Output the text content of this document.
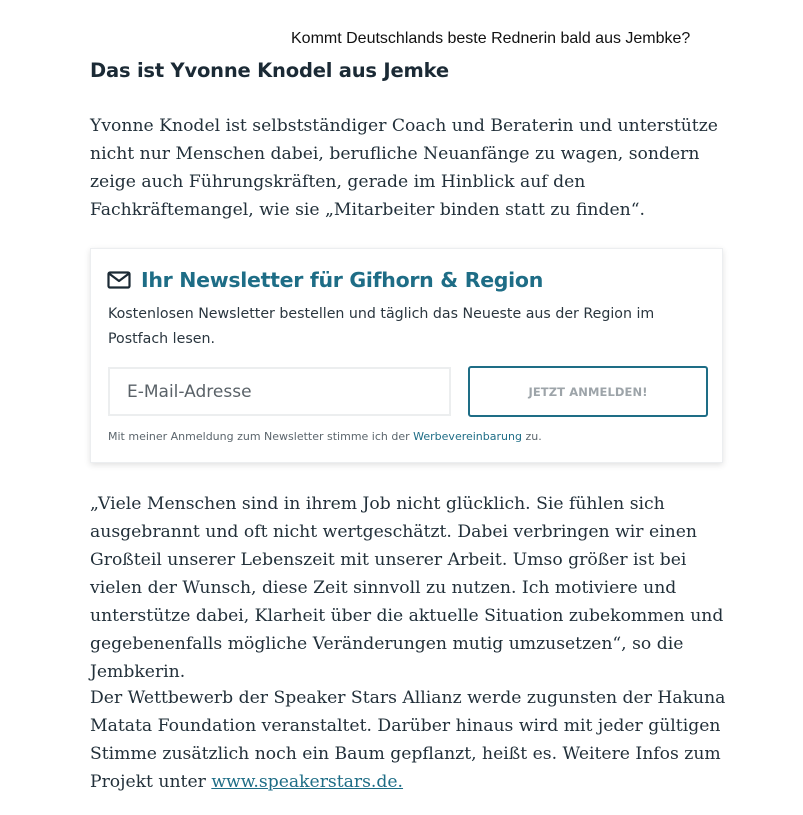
Kommt Deutschlands beste Rednerin bald aus Jembke?
Das ist Yvonne Knodel aus Jemke

Yvonne Knodel ist selbstständiger Coach und Beraterin und unterstütze nicht nur Menschen dabei, berufliche Neuanfänge zu wagen, sondern zeige auch Führungskräften, gerade im Hinblick auf den Fachkräftemangel, wie sie „Mitarbeiter binden statt zu finden“.

Ihr Newsletter für Gifhorn & Region

Kostenlosen Newsletter bestellen und täglich das Neueste aus der Region im Postfach lesen.

E-Mail-Adresse
JETZT ANMELDEN!

Mit meiner Anmeldung zum Newsletter stimme ich der Werbevereinbarung zu.

„Viele Menschen sind in ihrem Job nicht glücklich. Sie fühlen sich ausgebrannt und oft nicht wertgeschätzt. Dabei verbringen wir einen Großteil unserer Lebenszeit mit unserer Arbeit. Umso größer ist bei vielen der Wunsch, diese Zeit sinnvoll zu nutzen. Ich motiviere und unterstütze dabei, Klarheit über die aktuelle Situation zubekommen und gegebenenfalls mögliche Veränderungen mutig umzusetzen“, so die Jembkerin.

Der Wettbewerb der Speaker Stars Allianz werde zugunsten der Hakuna Matata Foundation veranstaltet. Darüber hinaus wird mit jeder gültigen Stimme zusätzlich noch ein Baum gepflanzt, heißt es. Weitere Infos zum Projekt unter www.speakerstars.de.
